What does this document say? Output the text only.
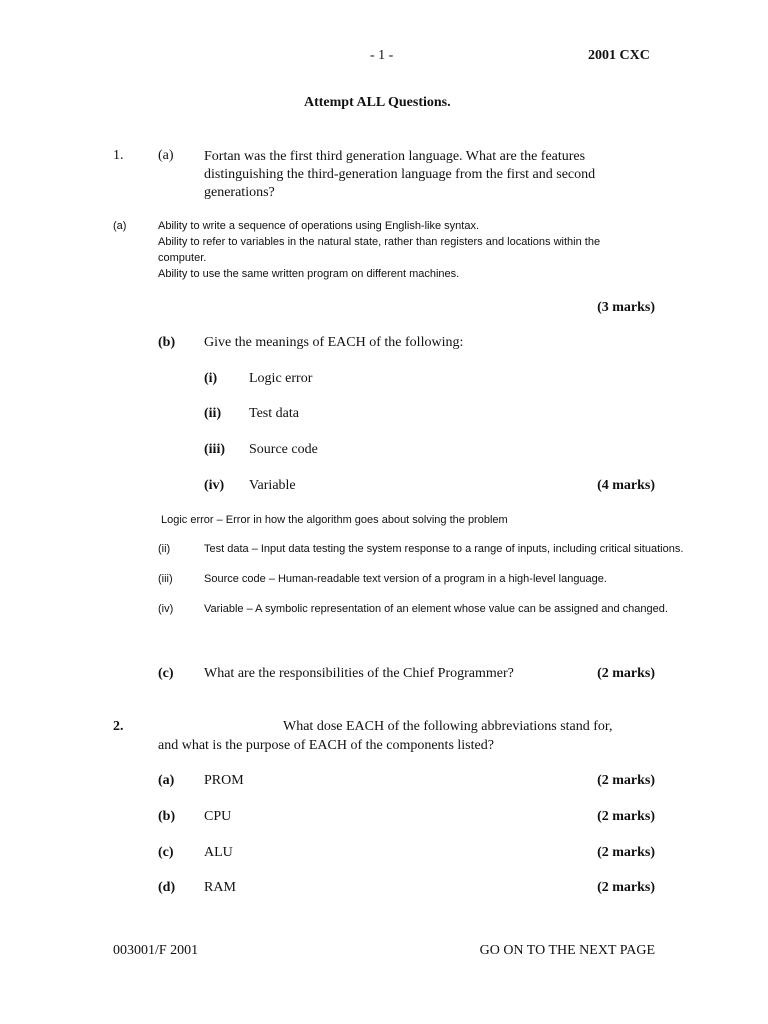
- 1 -	2001 CXC
Attempt ALL Questions.
1. (a) Fortan was the first third generation language. What are the features
distinguishing the third-generation language from the first and second
generations?
(a)	Ability to write a sequence of operations using English-like syntax.
Ability to refer to variables in the natural state, rather than registers and locations within the
computer.
Ability to use the same written program on different machines.
(3 marks)
(b) Give the meanings of EACH of the following:
(i) Logic error
(ii) Test data
(iii) Source code
(iv) Variable	(4 marks)
Logic error – Error in how the algorithm goes about solving the problem
(ii)	Test data – Input data testing the system response to a range of inputs, including critical situations.
(iii)	Source code – Human-readable text version of a program in a high-level language.
(iv)	Variable – A symbolic representation of an element whose value can be assigned and changed.
(c) What are the responsibilities of the Chief Programmer?	(2 marks)
2.	What dose EACH of the following abbreviations stand for,
and what is the purpose of EACH of the components listed?
(a) PROM	(2 marks)
(b) CPU	(2 marks)
(c) ALU	(2 marks)
(d) RAM	(2 marks)
003001/F 2001	GO ON TO THE NEXT PAGE
